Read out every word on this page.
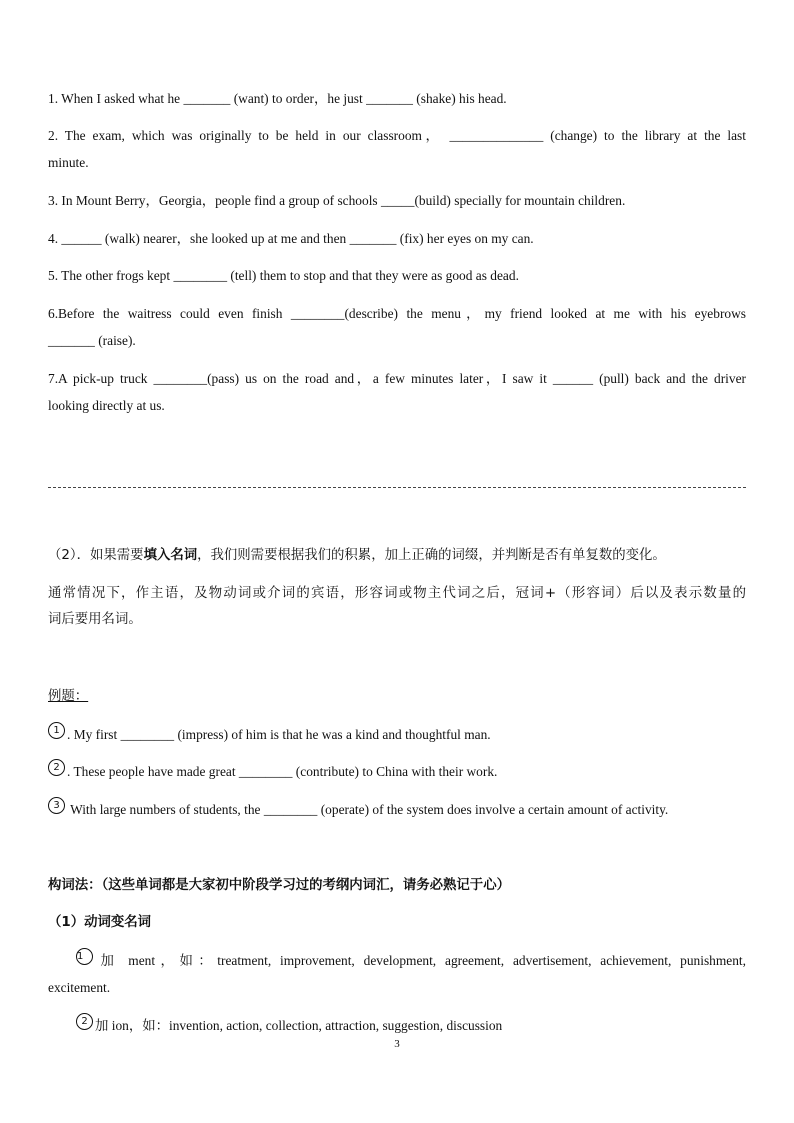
1. When I asked what he _______ (want) to order，he just _______ (shake) his head.
2. The exam, which was originally to be held in our classroom， ______________ (change) to the library at the last
minute.
3. In Mount Berry，Georgia，people find a group of schools _____(build) specially for mountain children.
4. ______ (walk) nearer，she looked up at me and then _______ (fix) her eyes on my can.
5. The other frogs kept ________ (tell) them to stop and that they were as good as dead.
6.Before the waitress could even finish ________(describe) the menu，my friend looked at me with his eyebrows
_______ (raise).
7.A pick-up truck ________(pass) us on the road and，a few minutes later，I saw it ______ (pull) back and the driver
looking directly at us.
（2）．如果需要填入名词，我们则需要根据我们的积累，加上正确的词缀，并判断是否有单复数的变化。
通常情况下，作主语，及物动词或介词的宾语，形容词或物主代词之后，冠词+（形容词）后以及表示数量的
词后要用名词。
例题：
1 . My first ________ (impress) of him is that he was a kind and thoughtful man.
2 . These people have made great ________ (contribute) to China with their work.
3 With large numbers of students, the ________ (operate) of the system does involve a certain amount of activity.
构词法：（这些单词都是大家初中阶段学习过的考纲内词汇，请务必熟记于心）
（1）动词变名词
1 加 ment，如：treatment, improvement, development, agreement, advertisement, achievement, punishment,
excitement.
2 加 ion，如：invention, action, collection, attraction, suggestion, discussion
3
